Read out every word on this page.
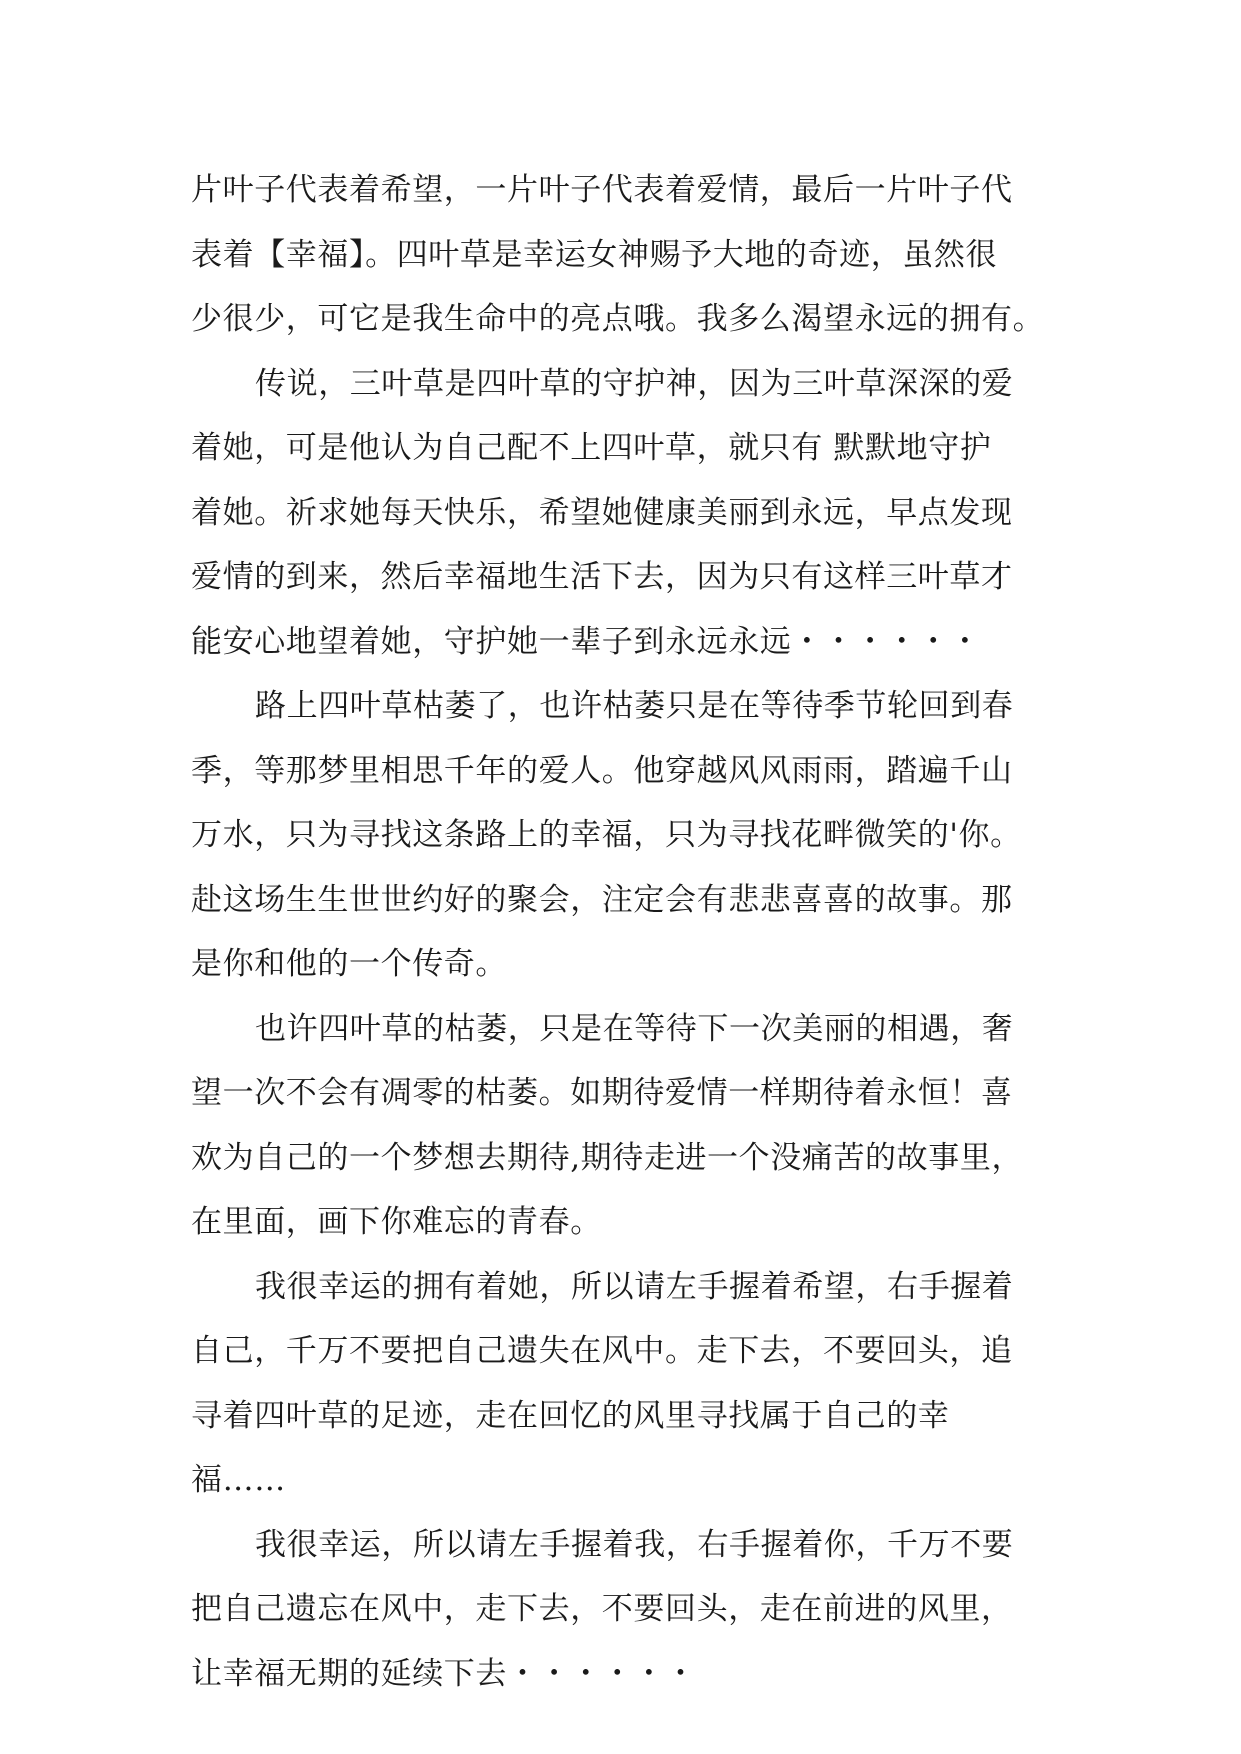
片叶子代表着希望，一片叶子代表着爱情，最后一片叶子代
表着【幸福】。四叶草是幸运女神赐予大地的奇迹，虽然很
少很少，可它是我生命中的亮点哦。我多么渴望永远的拥有。
传说，三叶草是四叶草的守护神，因为三叶草深深的爱
着她，可是他认为自己配不上四叶草，就只有 默默地守护
着她。祈求她每天快乐，希望她健康美丽到永远，早点发现
爱情的到来，然后幸福地生活下去，因为只有这样三叶草才
能安心地望着她，守护她一辈子到永远永远・・・・・・
路上四叶草枯萎了，也许枯萎只是在等待季节轮回到春
季，等那梦里相思千年的爱人。他穿越风风雨雨，踏遍千山
万水，只为寻找这条路上的幸福，只为寻找花畔微笑的'你。
赴这场生生世世约好的聚会，注定会有悲悲喜喜的故事。那
是你和他的一个传奇。
也许四叶草的枯萎，只是在等待下一次美丽的相遇，奢
望一次不会有凋零的枯萎。如期待爱情一样期待着永恒！喜
欢为自己的一个梦想去期待,期待走进一个没痛苦的故事里，
在里面，画下你难忘的青春。
我很幸运的拥有着她，所以请左手握着希望，右手握着
自己，千万不要把自己遗失在风中。走下去，不要回头，追
寻着四叶草的足迹，走在回忆的风里寻找属于自己的幸
福……
我很幸运，所以请左手握着我，右手握着你，千万不要
把自己遗忘在风中，走下去，不要回头，走在前进的风里，
让幸福无期的延续下去・・・・・・
